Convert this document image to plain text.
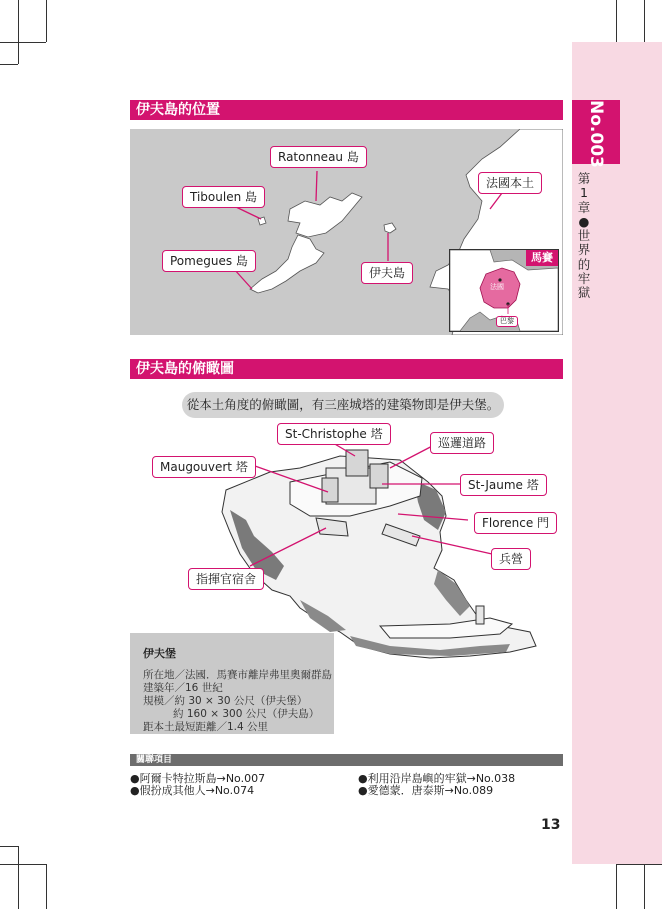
No.003
第1章●世界的牢獄
伊夫島的位置
Ratonneau 島
Tiboulen 島
Pomegues 島
伊夫島
法國本土
馬賽
法國
巴黎
伊夫島的俯瞰圖
從本土角度的俯瞰圖，有三座城塔的建築物即是伊夫堡。
St-Christophe 塔
巡邏道路
Maugouvert 塔
St-Jaume 塔
Florence 門
兵營
指揮官宿舍
伊夫堡
所在地／法國．馬賽市離岸弗里奧爾群島
建築年／16 世紀
規模／約 30 × 30 公尺（伊夫堡）
約 160 × 300 公尺（伊夫島）
距本土最短距離／1.4 公里
關聯項目
●阿爾卡特拉斯島→No.007	●利用沿岸島嶼的牢獄→No.038
●假扮成其他人→No.074	●愛德蒙．唐泰斯→No.089
13
